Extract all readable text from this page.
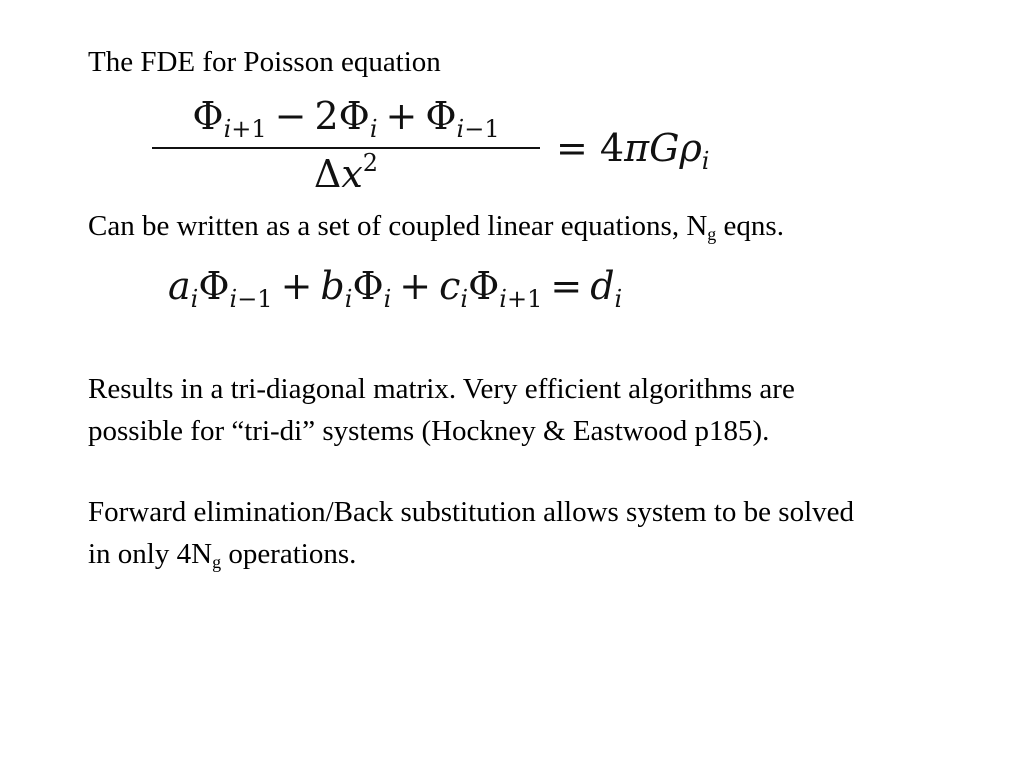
The FDE for Poisson equation
$\Phi_{i+1} - 2\Phi_i + \Phi_{i-1}$
$\Delta x^2$	= 4πGρ$_i$
Can be written as a set of coupled linear equations, $N_g$ eqns.
$a_i\Phi_{i-1} + b_i\Phi_i + c_i\Phi_{i+1} = d_i$
Results in a tri-diagonal matrix. Very efficient algorithms are
possible for “tri-di” systems (Hockney & Eastwood p185).
Forward elimination/Back substitution allows system to be solved
in only $4N_g$ operations.
